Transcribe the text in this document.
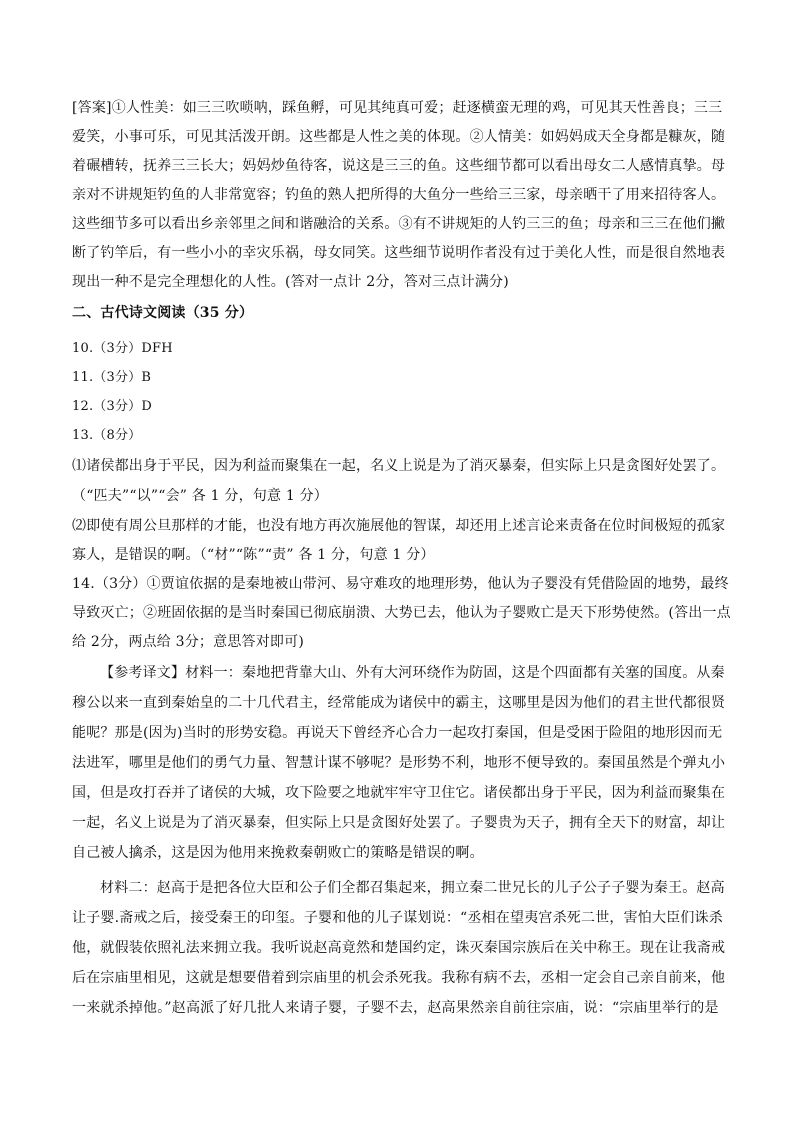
[答案]①人性美：如三三吹唢呐，踩鱼孵，可见其纯真可爱；赶逐横蛮无理的鸡，可见其天性善良；三三
爱笑，小事可乐，可见其活泼开朗。这些都是人性之美的体现。②人情美：如妈妈成天全身都是糠灰，随
着碾槽转，抚养三三长大；妈妈炒鱼待客，说这是三三的鱼。这些细节都可以看出母女二人感情真挚。母
亲对不讲规矩钓鱼的人非常宽容；钓鱼的熟人把所得的大鱼分一些给三三家，母亲晒干了用来招待客人。
这些细节多可以看出乡亲邻里之间和谐融洽的关系。③有不讲规矩的人钓三三的鱼；母亲和三三在他们撇
断了钓竿后，有一些小小的幸灾乐祸，母女同笑。这些细节说明作者没有过于美化人性，而是很自然地表
现出一种不是完全理想化的人性。(答对一点计 2分，答对三点计满分)
二、古代诗文阅读（35 分）
10.（3分）DFH
11.（3分）B
12.（3分）D
13.（8分）
⑴诸侯都出身于平民，因为利益而聚集在一起，名义上说是为了消灭暴秦，但实际上只是贪图好处罢了。
（“匹夫”“以”“会” 各 1 分，句意 1 分）
⑵即使有周公旦那样的才能，也没有地方再次施展他的智谋，却还用上述言论来责备在位时间极短的孤家
寡人，是错误的啊。（“材”“陈”“责” 各 1 分，句意 1 分）
14.（3分）①贾谊依据的是秦地被山带河、易守难攻的地理形势，他认为子婴没有凭借险固的地势，最终
导致灭亡；②班固依据的是当时秦国已彻底崩溃、大势已去，他认为子婴败亡是天下形势使然。(答出一点
给 2分，两点给 3分；意思答对即可)
【参考译文】材料一：秦地把背靠大山、外有大河环绕作为防固，这是个四面都有关塞的国度。从秦
穆公以来一直到秦始皇的二十几代君主，经常能成为诸侯中的霸主，这哪里是因为他们的君主世代都很贤
能呢？那是(因为)当时的形势安稳。再说天下曾经齐心合力一起攻打秦国，但是受困于险阻的地形因而无
法进军，哪里是他们的勇气力量、智慧计谋不够呢？是形势不利，地形不便导致的。秦国虽然是个弹丸小
国，但是攻打吞并了诸侯的大城，攻下险要之地就牢牢守卫住它。诸侯都出身于平民，因为利益而聚集在
一起，名义上说是为了消灭暴秦，但实际上只是贪图好处罢了。子婴贵为天子，拥有全天下的财富，却让
自己被人擒杀，这是因为他用来挽救秦朝败亡的策略是错误的啊。
材料二：赵高于是把各位大臣和公子们全都召集起来，拥立秦二世兄长的儿子公子子婴为秦王。赵高
让子婴.斋戒之后，接受秦王的印玺。子婴和他的儿子谋划说：“丞相在望夷宫杀死二世，害怕大臣们诛杀
他，就假装依照礼法来拥立我。我听说赵高竟然和楚国约定，诛灭秦国宗族后在关中称王。现在让我斋戒
后在宗庙里相见，这就是想要借着到宗庙里的机会杀死我。我称有病不去，丞相一定会自己亲自前来，他
一来就杀掉他。”赵高派了好几批人来请子婴，子婴不去，赵高果然亲自前往宗庙，说：“宗庙里举行的是
